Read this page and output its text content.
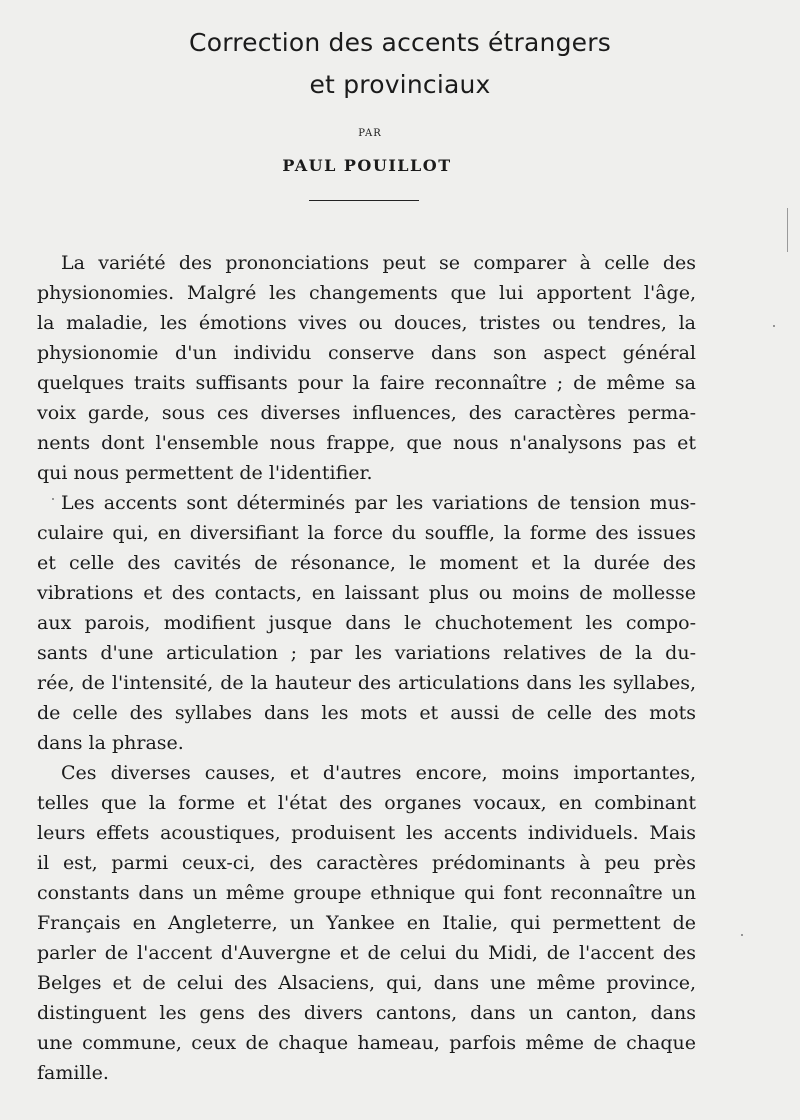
Correction des accents étrangers
et provinciaux
PAR
PAUL POUILLOT
La variété des prononciations peut se comparer à celle des
physionomies. Malgré les changements que lui apportent l'âge,
la maladie, les émotions vives ou douces, tristes ou tendres, la
physionomie d'un individu conserve dans son aspect général
quelques traits suffisants pour la faire reconnaître ; de même sa
voix garde, sous ces diverses influences, des caractères perma-
nents dont l'ensemble nous frappe, que nous n'analysons pas et
qui nous permettent de l'identifier.
Les accents sont déterminés par les variations de tension mus-
culaire qui, en diversifiant la force du souffle, la forme des issues
et celle des cavités de résonance, le moment et la durée des
vibrations et des contacts, en laissant plus ou moins de mollesse
aux parois, modifient jusque dans le chuchotement les compo-
sants d'une articulation ; par les variations relatives de la du-
rée, de l'intensité, de la hauteur des articulations dans les syllabes,
de celle des syllabes dans les mots et aussi de celle des mots
dans la phrase.
Ces diverses causes, et d'autres encore, moins importantes,
telles que la forme et l'état des organes vocaux, en combinant
leurs effets acoustiques, produisent les accents individuels. Mais
il est, parmi ceux-ci, des caractères prédominants à peu près
constants dans un même groupe ethnique qui font reconnaître un
Français en Angleterre, un Yankee en Italie, qui permettent de
parler de l'accent d'Auvergne et de celui du Midi, de l'accent des
Belges et de celui des Alsaciens, qui, dans une même province,
distinguent les gens des divers cantons, dans un canton, dans
une commune, ceux de chaque hameau, parfois même de chaque
famille.
